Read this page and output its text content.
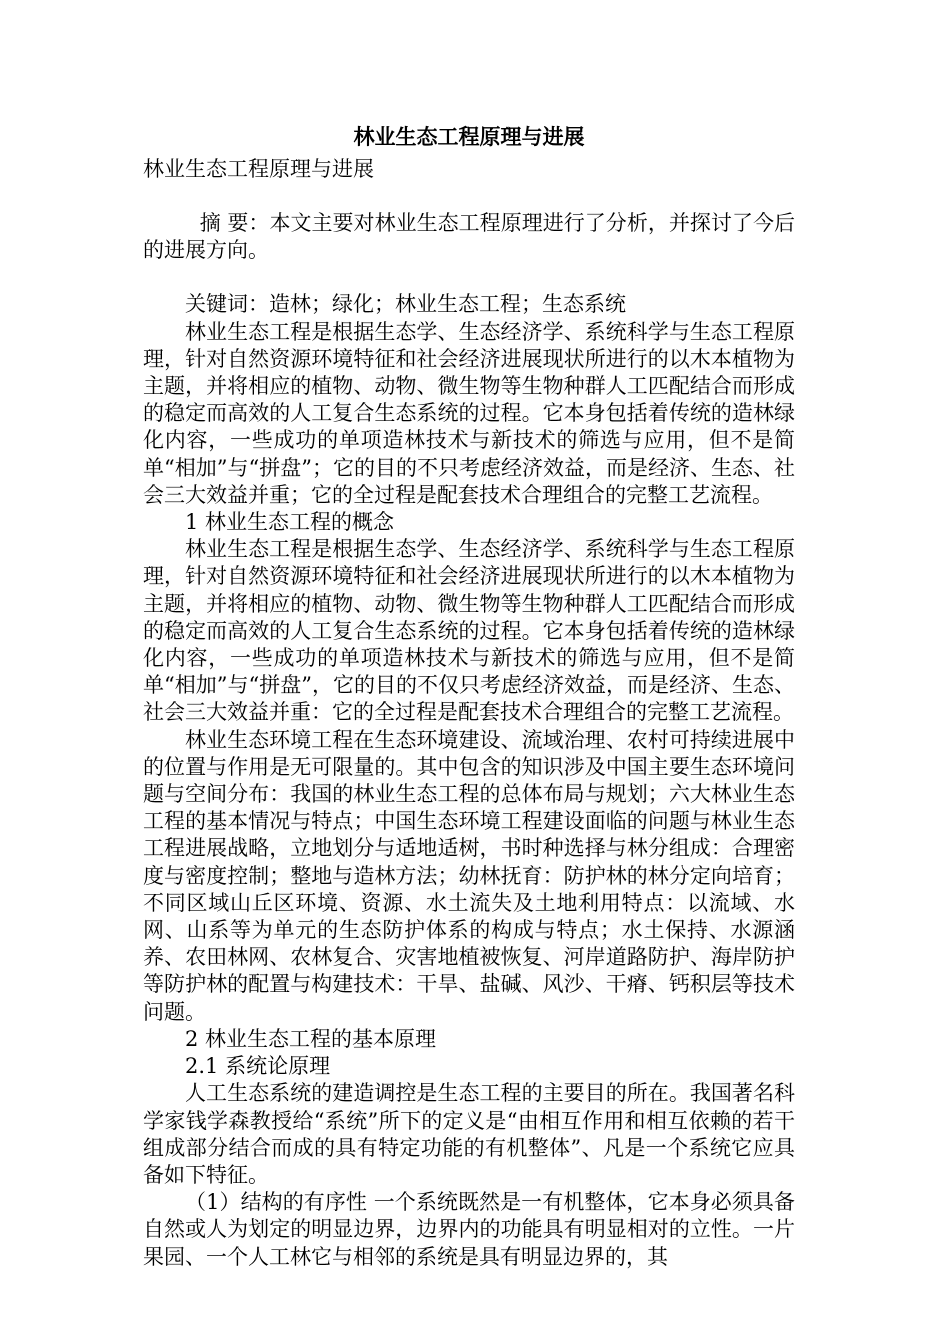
林业生态工程原理与进展

林业生态工程原理与进展

摘 要：本文主要对林业生态工程原理进行了分析，并探讨了今后的进展方向。

关键词：造林；绿化；林业生态工程；生态系统

林业生态工程是根据生态学、生态经济学、系统科学与生态工程原理，针对自然资源环境特征和社会经济进展现状所进行的以木本植物为主题，并将相应的植物、动物、微生物等生物种群人工匹配结合而形成的稳定而高效的人工复合生态系统的过程。它本身包括着传统的造林绿化内容，一些成功的单项造林技术与新技术的筛选与应用，但不是简单“相加”与“拼盘”；它的目的不只考虑经济效益，而是经济、生态、社会三大效益并重；它的全过程是配套技术合理组合的完整工艺流程。

1 林业生态工程的概念

林业生态工程是根据生态学、生态经济学、系统科学与生态工程原理，针对自然资源环境特征和社会经济进展现状所进行的以木本植物为主题，并将相应的植物、动物、微生物等生物种群人工匹配结合而形成的稳定而高效的人工复合生态系统的过程。它本身包括着传统的造林绿化内容，一些成功的单项造林技术与新技术的筛选与应用，但不是简单“相加”与“拼盘”，它的目的不仅只考虑经济效益，而是经济、生态、社会三大效益并重：它的全过程是配套技术合理组合的完整工艺流程。

林业生态环境工程在生态环境建设、流域治理、农村可持续进展中的位置与作用是无可限量的。其中包含的知识涉及中国主要生态环境问题与空间分布：我国的林业生态工程的总体布局与规划；六大林业生态工程的基本情况与特点；中国生态环境工程建设面临的问题与林业生态工程进展战略，立地划分与适地适树，书时种选择与林分组成：合理密度与密度控制；整地与造林方法；幼林抚育：防护林的林分定向培育；不同区域山丘区环境、资源、水土流失及土地利用特点：以流域、水网、山系等为单元的生态防护体系的构成与特点；水土保持、水源涵养、农田林网、农林复合、灾害地植被恢复、河岸道路防护、海岸防护等防护林的配置与构建技术：干旱、盐碱、风沙、干瘠、钙积层等技术问题。

2 林业生态工程的基本原理

2.1 系统论原理

人工生态系统的建造调控是生态工程的主要目的所在。我国著名科学家钱学森教授给“系统”所下的定义是“由相互作用和相互依赖的若干组成部分结合而成的具有特定功能的有机整体”、凡是一个系统它应具备如下特征。

（1）结构的有序性 一个系统既然是一有机整体，它本身必须具备自然或人为划定的明显边界，边界内的功能具有明显相对的立性。一片果园、一个人工林它与相邻的系统是具有明显边界的，其
